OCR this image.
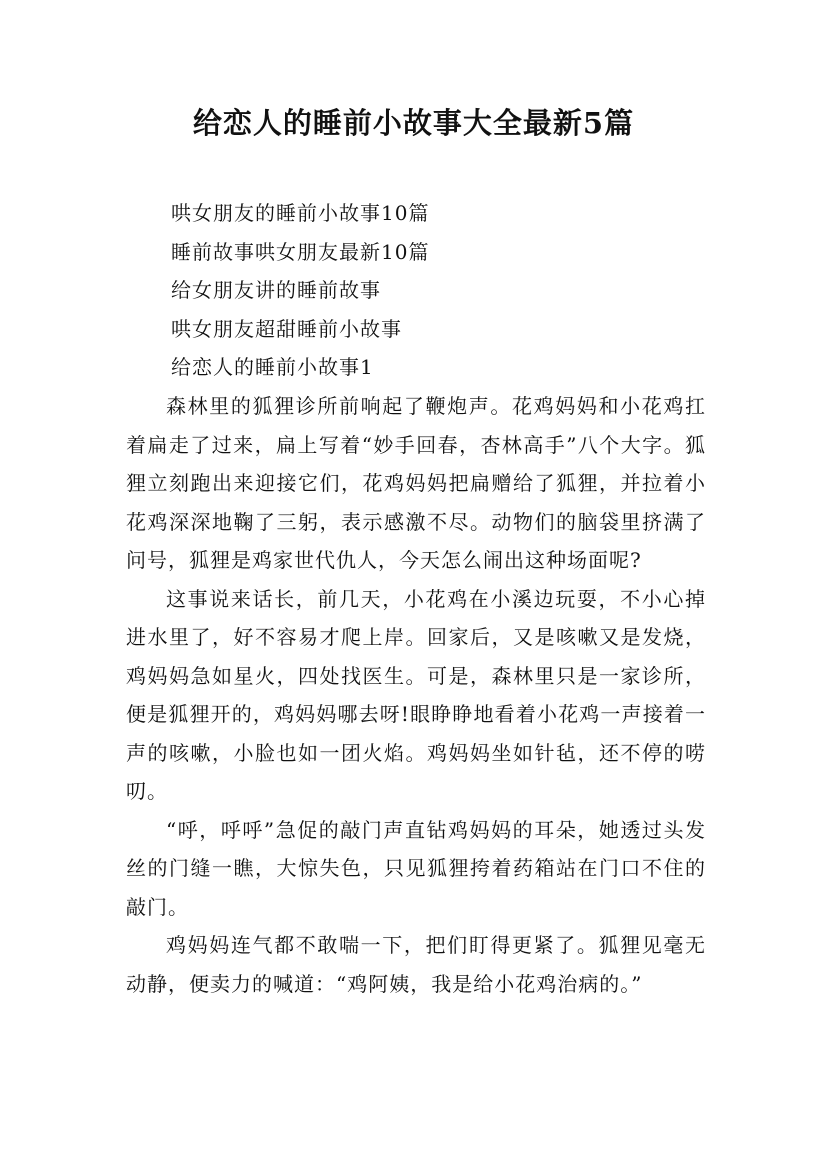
给恋人的睡前小故事大全最新5篇
哄女朋友的睡前小故事10篇
睡前故事哄女朋友最新10篇
给女朋友讲的睡前故事
哄女朋友超甜睡前小故事
给恋人的睡前小故事1

森林里的狐狸诊所前响起了鞭炮声。花鸡妈妈和小花鸡扛着扁走了过来，扁上写着“妙手回春，杏林高手”八个大字。狐狸立刻跑出来迎接它们，花鸡妈妈把扁赠给了狐狸，并拉着小花鸡深深地鞠了三躬，表示感激不尽。动物们的脑袋里挤满了问号，狐狸是鸡家世代仇人，今天怎么闹出这种场面呢?

这事说来话长，前几天，小花鸡在小溪边玩耍，不小心掉进水里了，好不容易才爬上岸。回家后，又是咳嗽又是发烧，鸡妈妈急如星火，四处找医生。可是，森林里只是一家诊所，便是狐狸开的，鸡妈妈哪去呀!眼睁睁地看着小花鸡一声接着一声的咳嗽，小脸也如一团火焰。鸡妈妈坐如针毡，还不停的唠叨。

“呼，呼呼”急促的敲门声直钻鸡妈妈的耳朵，她透过头发丝的门缝一瞧，大惊失色，只见狐狸挎着药箱站在门口不住的敲门。

鸡妈妈连气都不敢喘一下，把们盯得更紧了。狐狸见毫无动静，便卖力的喊道：“鸡阿姨，我是给小花鸡治病的。”
